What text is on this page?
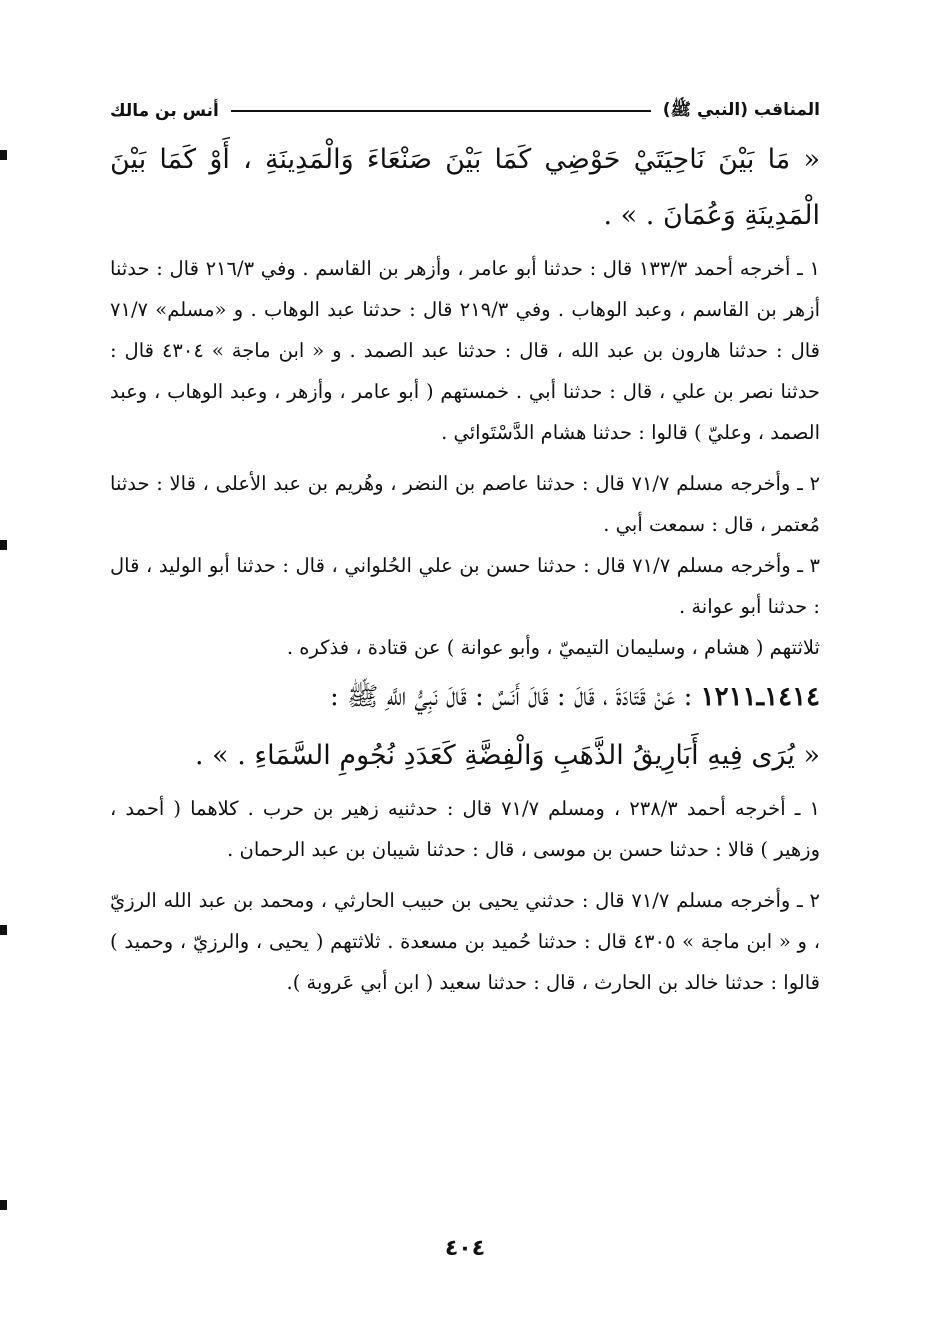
المناقب (النبي ﷺ)
أنس بن مالك

« مَا بَيْنَ نَاحِيَتَيْ حَوْضِي كَمَا بَيْنَ صَنْعَاءَ وَالْمَدِينَةِ ، أَوْ كَمَا بَيْنَ الْمَدِينَةِ وَعُمَانَ . » .

١ ـ أخرجه أحمد ١٣٣/٣ قال : حدثنا أبو عامر ، وأزهر بن القاسم . وفي ٢١٦/٣ قال : حدثنا أزهر بن القاسم ، وعبد الوهاب . وفي ٢١٩/٣ قال : حدثنا عبد الوهاب . و «مسلم» ٧١/٧ قال : حدثنا هارون بن عبد الله ، قال : حدثنا عبد الصمد . و « ابن ماجة » ٤٣٠٤ قال : حدثنا نصر بن علي ، قال : حدثنا أبي . خمستهم ( أبو عامر ، وأزهر ، وعبد الوهاب ، وعبد الصمد ، وعليّ ) قالوا : حدثنا هشام الدَّسْتَوائي .

٢ ـ وأخرجه مسلم ٧١/٧ قال : حدثنا عاصم بن النضر ، وهُريم بن عبد الأعلى ، قالا : حدثنا مُعتمر ، قال : سمعت أبي .

٣ ـ وأخرجه مسلم ٧١/٧ قال : حدثنا حسن بن علي الحُلواني ، قال : حدثنا أبو الوليد ، قال : حدثنا أبو عوانة .

ثلاثتهم ( هشام ، وسليمان التيميّ ، وأبو عوانة ) عن قتادة ، فذكره .

١٤١٤ـ١٢١١ : عَنْ قَتَادَةَ ، قَالَ : قَالَ أَنَسٌ : قَالَ نَبِيُّ اللَّهِ ﷺ :

« يُرَى فِيهِ أَبَارِيقُ الذَّهَبِ وَالْفِضَّةِ كَعَدَدِ نُجُومِ السَّمَاءِ . » .

١ ـ أخرجه أحمد ٢٣٨/٣ ، ومسلم ٧١/٧ قال : حدثنيه زهير بن حرب . كلاهما ( أحمد ، وزهير ) قالا : حدثنا حسن بن موسى ، قال : حدثنا شيبان بن عبد الرحمان .

٢ ـ وأخرجه مسلم ٧١/٧ قال : حدثني يحيى بن حبيب الحارثي ، ومحمد بن عبد الله الرزيّ ، و « ابن ماجة » ٤٣٠٥ قال : حدثنا حُميد بن مسعدة . ثلاثتهم ( يحيى ، والرزيّ ، وحميد ) قالوا : حدثنا خالد بن الحارث ، قال : حدثنا سعيد ( ابن أبي عَروبة ).

٤٠٤
